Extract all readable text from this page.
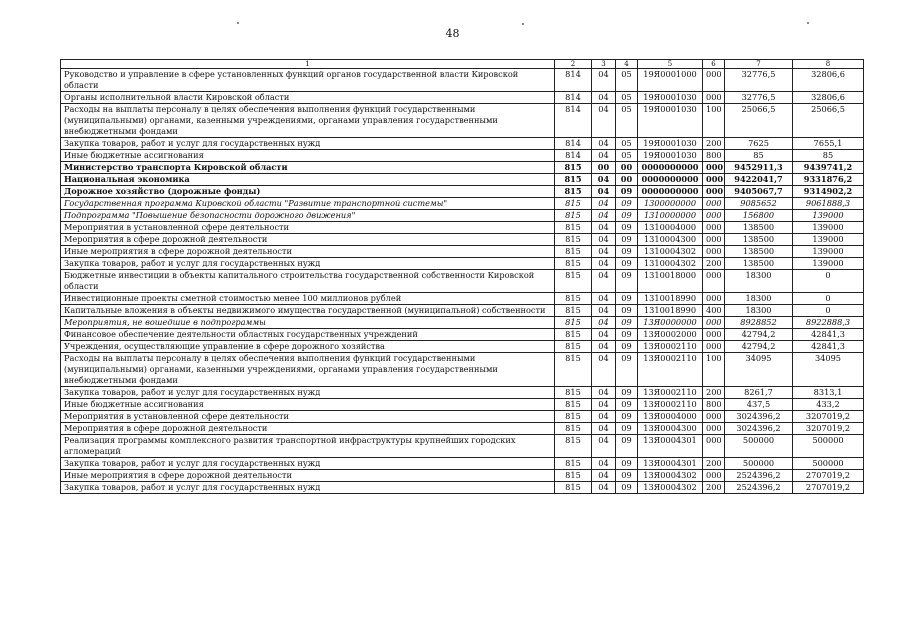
48
1	2	3	4	5	6	7	8
Руководство и управление в сфере установленных функций органов государственной власти Кировской области	814	04	05	19Я0001000	000	32776,5	32806,6
Органы исполнительной власти Кировской области	814	04	05	19Я0001030	000	32776,5	32806,6
Расходы на выплаты персоналу в целях обеспечения выполнения функций государственными (муниципальными) органами, казенными учреждениями, органами управления государственными внебюджетными фондами	814	04	05	19Я0001030	100	25066,5	25066,5
Закупка товаров, работ и услуг для государственных нужд	814	04	05	19Я0001030	200	7625	7655,1
Иные бюджетные ассигнования	814	04	05	19Я0001030	800	85	85
Министерство транспорта Кировской области	815	00	00	0000000000	000	9452911,3	9439741,2
Национальная экономика	815	04	00	0000000000	000	9422041,7	9331876,2
Дорожное хозяйство (дорожные фонды)	815	04	09	0000000000	000	9405067,7	9314902,2
Государственная программа Кировской области "Развитие транспортной системы"	815	04	09	1300000000	000	9085652	9061888,3
Подпрограмма "Повышение безопасности дорожного движения"	815	04	09	1310000000	000	156800	139000
Мероприятия в установленной сфере деятельности	815	04	09	1310004000	000	138500	139000
Мероприятия в сфере дорожной деятельности	815	04	09	1310004300	000	138500	139000
Иные мероприятия в сфере дорожной деятельности	815	04	09	1310004302	000	138500	139000
Закупка товаров, работ и услуг для государственных нужд	815	04	09	1310004302	200	138500	139000
Бюджетные инвестиции в объекты капитального строительства государственной собственности Кировской области	815	04	09	1310018000	000	18300	0
Инвестиционные проекты сметной стоимостью менее 100 миллионов рублей	815	04	09	1310018990	000	18300	0
Капитальные вложения в объекты недвижимого имущества государственной (муниципальной) собственности	815	04	09	1310018990	400	18300	0
Мероприятия, не вошедшие в подпрограммы	815	04	09	13Я0000000	000	8928852	8922888,3
Финансовое обеспечение деятельности областных государственных учреждений	815	04	09	13Я0002000	000	42794,2	42841,3
Учреждения, осуществляющие управление в сфере дорожного хозяйства	815	04	09	13Я0002110	000	42794,2	42841,3
Расходы на выплаты персоналу в целях обеспечения выполнения функций государственными (муниципальными) органами, казенными учреждениями, органами управления государственными внебюджетными фондами	815	04	09	13Я0002110	100	34095	34095
Закупка товаров, работ и услуг для государственных нужд	815	04	09	13Я0002110	200	8261,7	8313,1
Иные бюджетные ассигнования	815	04	09	13Я0002110	800	437,5	433,2
Мероприятия в установленной сфере деятельности	815	04	09	13Я0004000	000	3024396,2	3207019,2
Мероприятия в сфере дорожной деятельности	815	04	09	13Я0004300	000	3024396,2	3207019,2
Реализация программы комплексного развития транспортной инфраструктуры крупнейших городских агломераций	815	04	09	13Я0004301	000	500000	500000
Закупка товаров, работ и услуг для государственных нужд	815	04	09	13Я0004301	200	500000	500000
Иные мероприятия в сфере дорожной деятельности	815	04	09	13Я0004302	000	2524396,2	2707019,2
Закупка товаров, работ и услуг для государственных нужд	815	04	09	13Я0004302	200	2524396,2	2707019,2
